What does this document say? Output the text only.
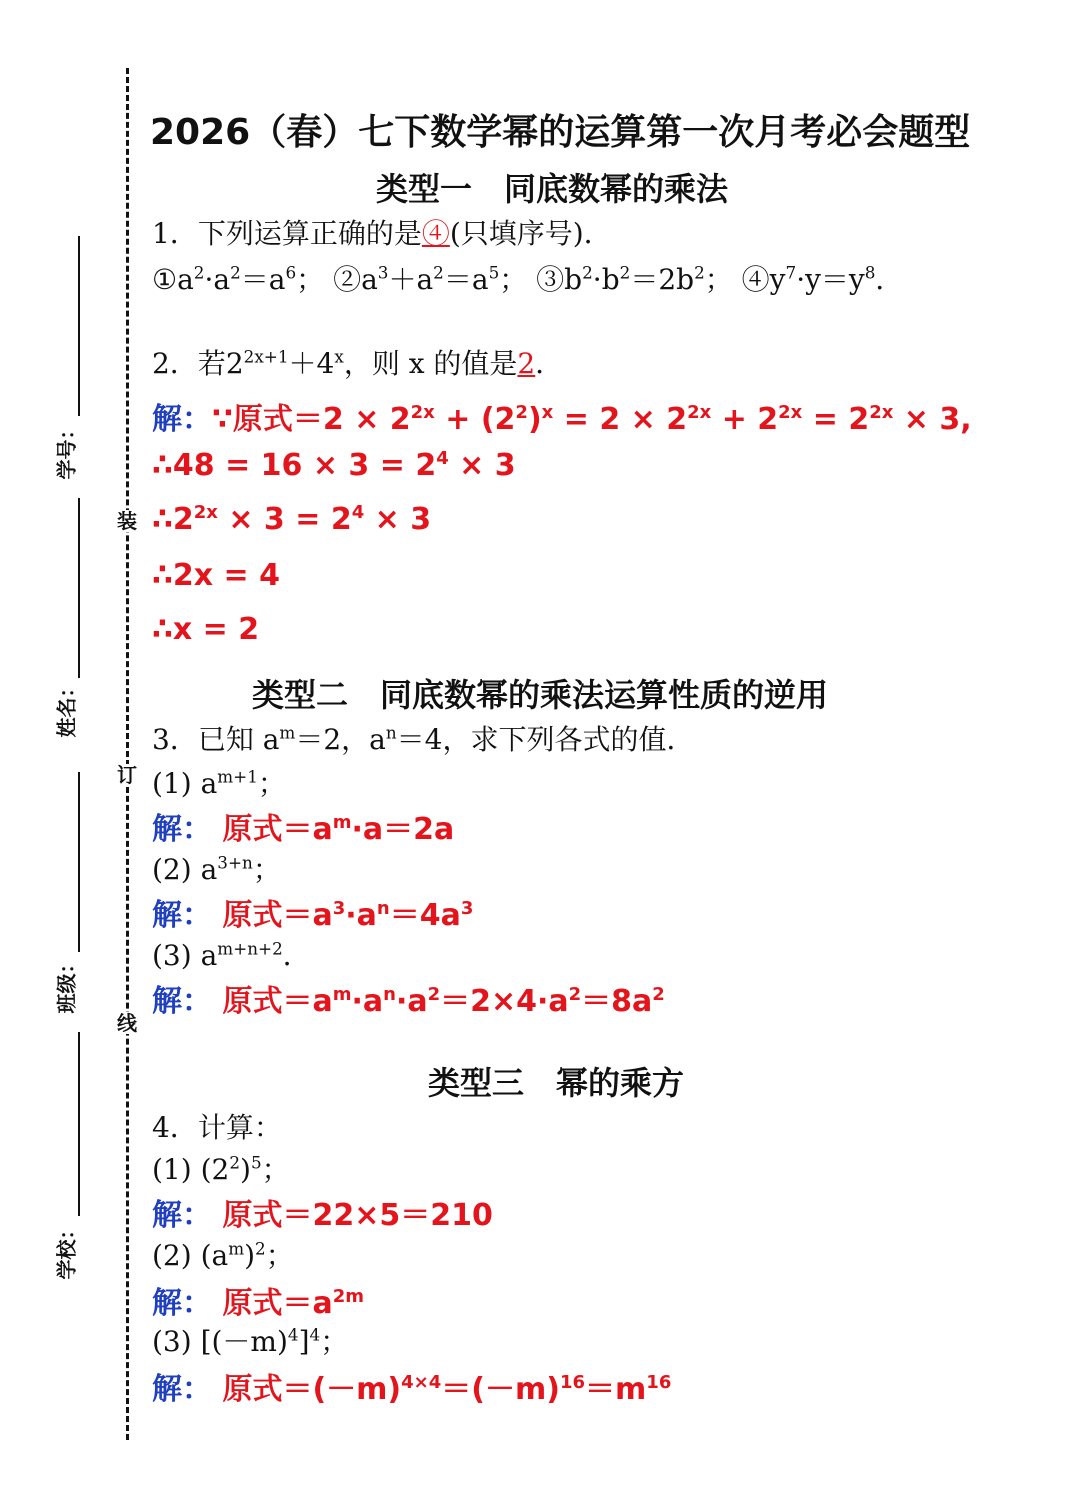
装
订
线
学号：
姓名：
班级：
学校：
2026（春）七下数学幂的运算第一次月考必会题型
类型一　同底数幂的乘法
1．下列运算正确的是④(只填序号)．
$①a^2\cdot a^2=a^6$； $②a^3+a^2=a^5$； $③b^2\cdot b^2=2b^2$； $④y^7\cdot y=y^8$．
2．若$2^{2x+1}+4^x$，则 x 的值是2．
解：∵原式$=2 \times 2^{2x} + (2^2)^x = 2 \times 2^{2x} + 2^{2x} = 2^{2x} \times 3$,
∴48 = $16 \times 3 = 2^4 \times 3$
$\therefore 2^{2x} \times 3 = 2^4 \times 3$
∴2x = 4
∴x = 2
类型二　同底数幂的乘法运算性质的逆用
3．已知 $a^m=2$，$a^n=4$，求下列各式的值．
(1) $a^{m+1}$；
解： 原式$=a^m\cdot a=2a$
(2) $a^{3+n}$；
解： 原式$=a^3\cdot a^n=4a^3$
(3) $a^{m+n+2}$．
解： 原式$=a^m\cdot a^n\cdot a^2=2\times 4\cdot a^2=8a^2$
类型三　幂的乘方
4．计算：
(1) $(2^2)^5$；
解： 原式＝22×5＝210
(2) $(a^m)^2$；
解： 原式$=a^{2m}$
(3) $[(-m)^4]^4$；
解： 原式$=(-m)^{4\times 4}=(-m)^{16}=m^{16}$
